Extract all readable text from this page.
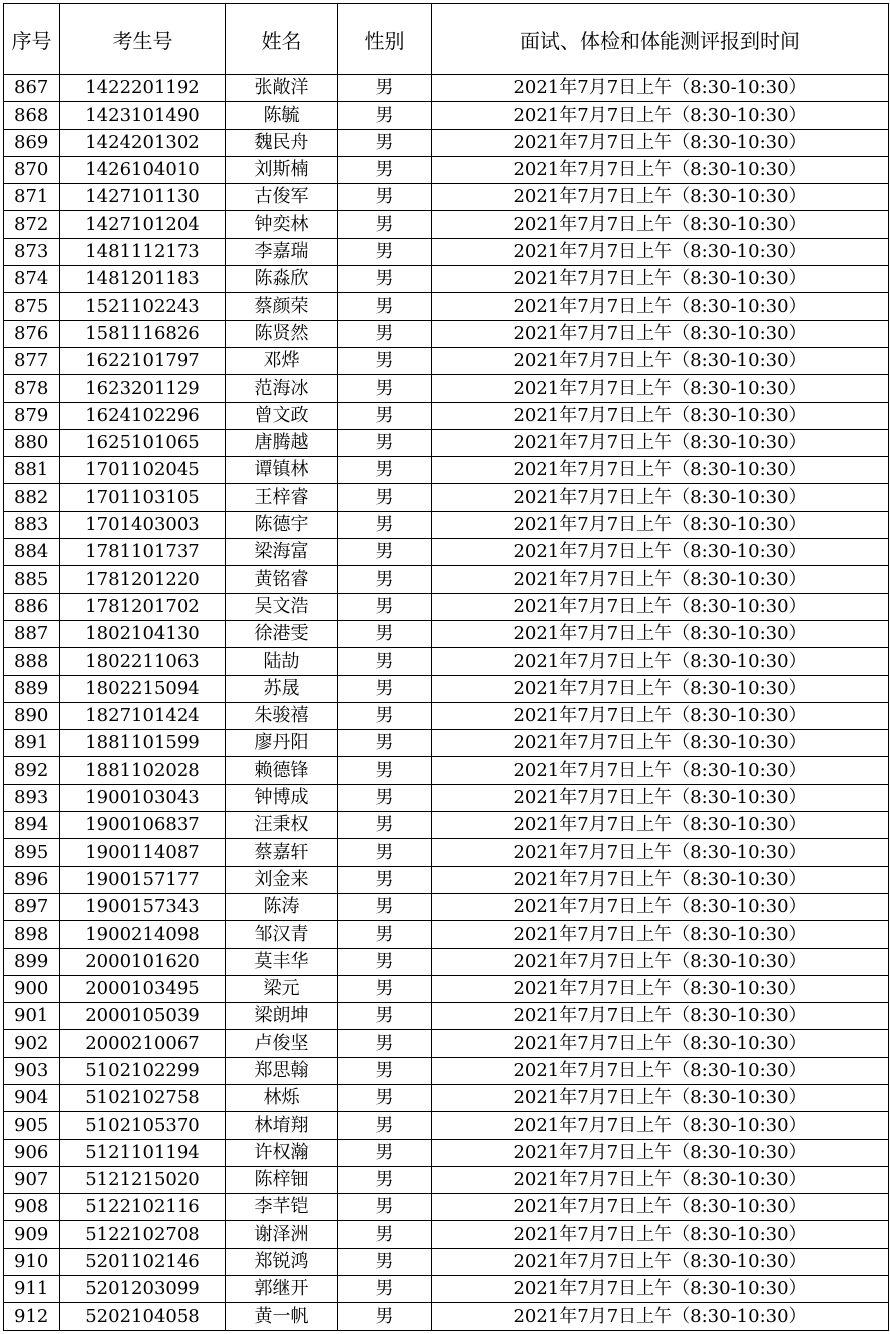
序号	考生号	姓名	性别	面试、体检和体能测评报到时间
867	1422201192	张敞洋	男	2021年7月7日上午（8:30-10:30）
868	1423101490	陈毓	男	2021年7月7日上午（8:30-10:30）
869	1424201302	魏民舟	男	2021年7月7日上午（8:30-10:30）
870	1426104010	刘斯楠	男	2021年7月7日上午（8:30-10:30）
871	1427101130	古俊军	男	2021年7月7日上午（8:30-10:30）
872	1427101204	钟奕林	男	2021年7月7日上午（8:30-10:30）
873	1481112173	李嘉瑞	男	2021年7月7日上午（8:30-10:30）
874	1481201183	陈淼欣	男	2021年7月7日上午（8:30-10:30）
875	1521102243	蔡颜荣	男	2021年7月7日上午（8:30-10:30）
876	1581116826	陈贤然	男	2021年7月7日上午（8:30-10:30）
877	1622101797	邓烨	男	2021年7月7日上午（8:30-10:30）
878	1623201129	范海冰	男	2021年7月7日上午（8:30-10:30）
879	1624102296	曾文政	男	2021年7月7日上午（8:30-10:30）
880	1625101065	唐腾越	男	2021年7月7日上午（8:30-10:30）
881	1701102045	谭镇林	男	2021年7月7日上午（8:30-10:30）
882	1701103105	王梓睿	男	2021年7月7日上午（8:30-10:30）
883	1701403003	陈德宇	男	2021年7月7日上午（8:30-10:30）
884	1781101737	梁海富	男	2021年7月7日上午（8:30-10:30）
885	1781201220	黄铭睿	男	2021年7月7日上午（8:30-10:30）
886	1781201702	吴文浩	男	2021年7月7日上午（8:30-10:30）
887	1802104130	徐港雯	男	2021年7月7日上午（8:30-10:30）
888	1802211063	陆劼	男	2021年7月7日上午（8:30-10:30）
889	1802215094	苏晟	男	2021年7月7日上午（8:30-10:30）
890	1827101424	朱骏禧	男	2021年7月7日上午（8:30-10:30）
891	1881101599	廖丹阳	男	2021年7月7日上午（8:30-10:30）
892	1881102028	赖德锋	男	2021年7月7日上午（8:30-10:30）
893	1900103043	钟博成	男	2021年7月7日上午（8:30-10:30）
894	1900106837	汪秉权	男	2021年7月7日上午（8:30-10:30）
895	1900114087	蔡嘉轩	男	2021年7月7日上午（8:30-10:30）
896	1900157177	刘金来	男	2021年7月7日上午（8:30-10:30）
897	1900157343	陈涛	男	2021年7月7日上午（8:30-10:30）
898	1900214098	邹汉青	男	2021年7月7日上午（8:30-10:30）
899	2000101620	莫丰华	男	2021年7月7日上午（8:30-10:30）
900	2000103495	梁元	男	2021年7月7日上午（8:30-10:30）
901	2000105039	梁朗坤	男	2021年7月7日上午（8:30-10:30）
902	2000210067	卢俊坚	男	2021年7月7日上午（8:30-10:30）
903	5102102299	郑思翰	男	2021年7月7日上午（8:30-10:30）
904	5102102758	林烁	男	2021年7月7日上午（8:30-10:30）
905	5102105370	林堉翔	男	2021年7月7日上午（8:30-10:30）
906	5121101194	许权瀚	男	2021年7月7日上午（8:30-10:30）
907	5121215020	陈梓钿	男	2021年7月7日上午（8:30-10:30）
908	5122102116	李芊铠	男	2021年7月7日上午（8:30-10:30）
909	5122102708	谢泽洲	男	2021年7月7日上午（8:30-10:30）
910	5201102146	郑锐鸿	男	2021年7月7日上午（8:30-10:30）
911	5201203099	郭继开	男	2021年7月7日上午（8:30-10:30）
912	5202104058	黄一帆	男	2021年7月7日上午（8:30-10:30）
